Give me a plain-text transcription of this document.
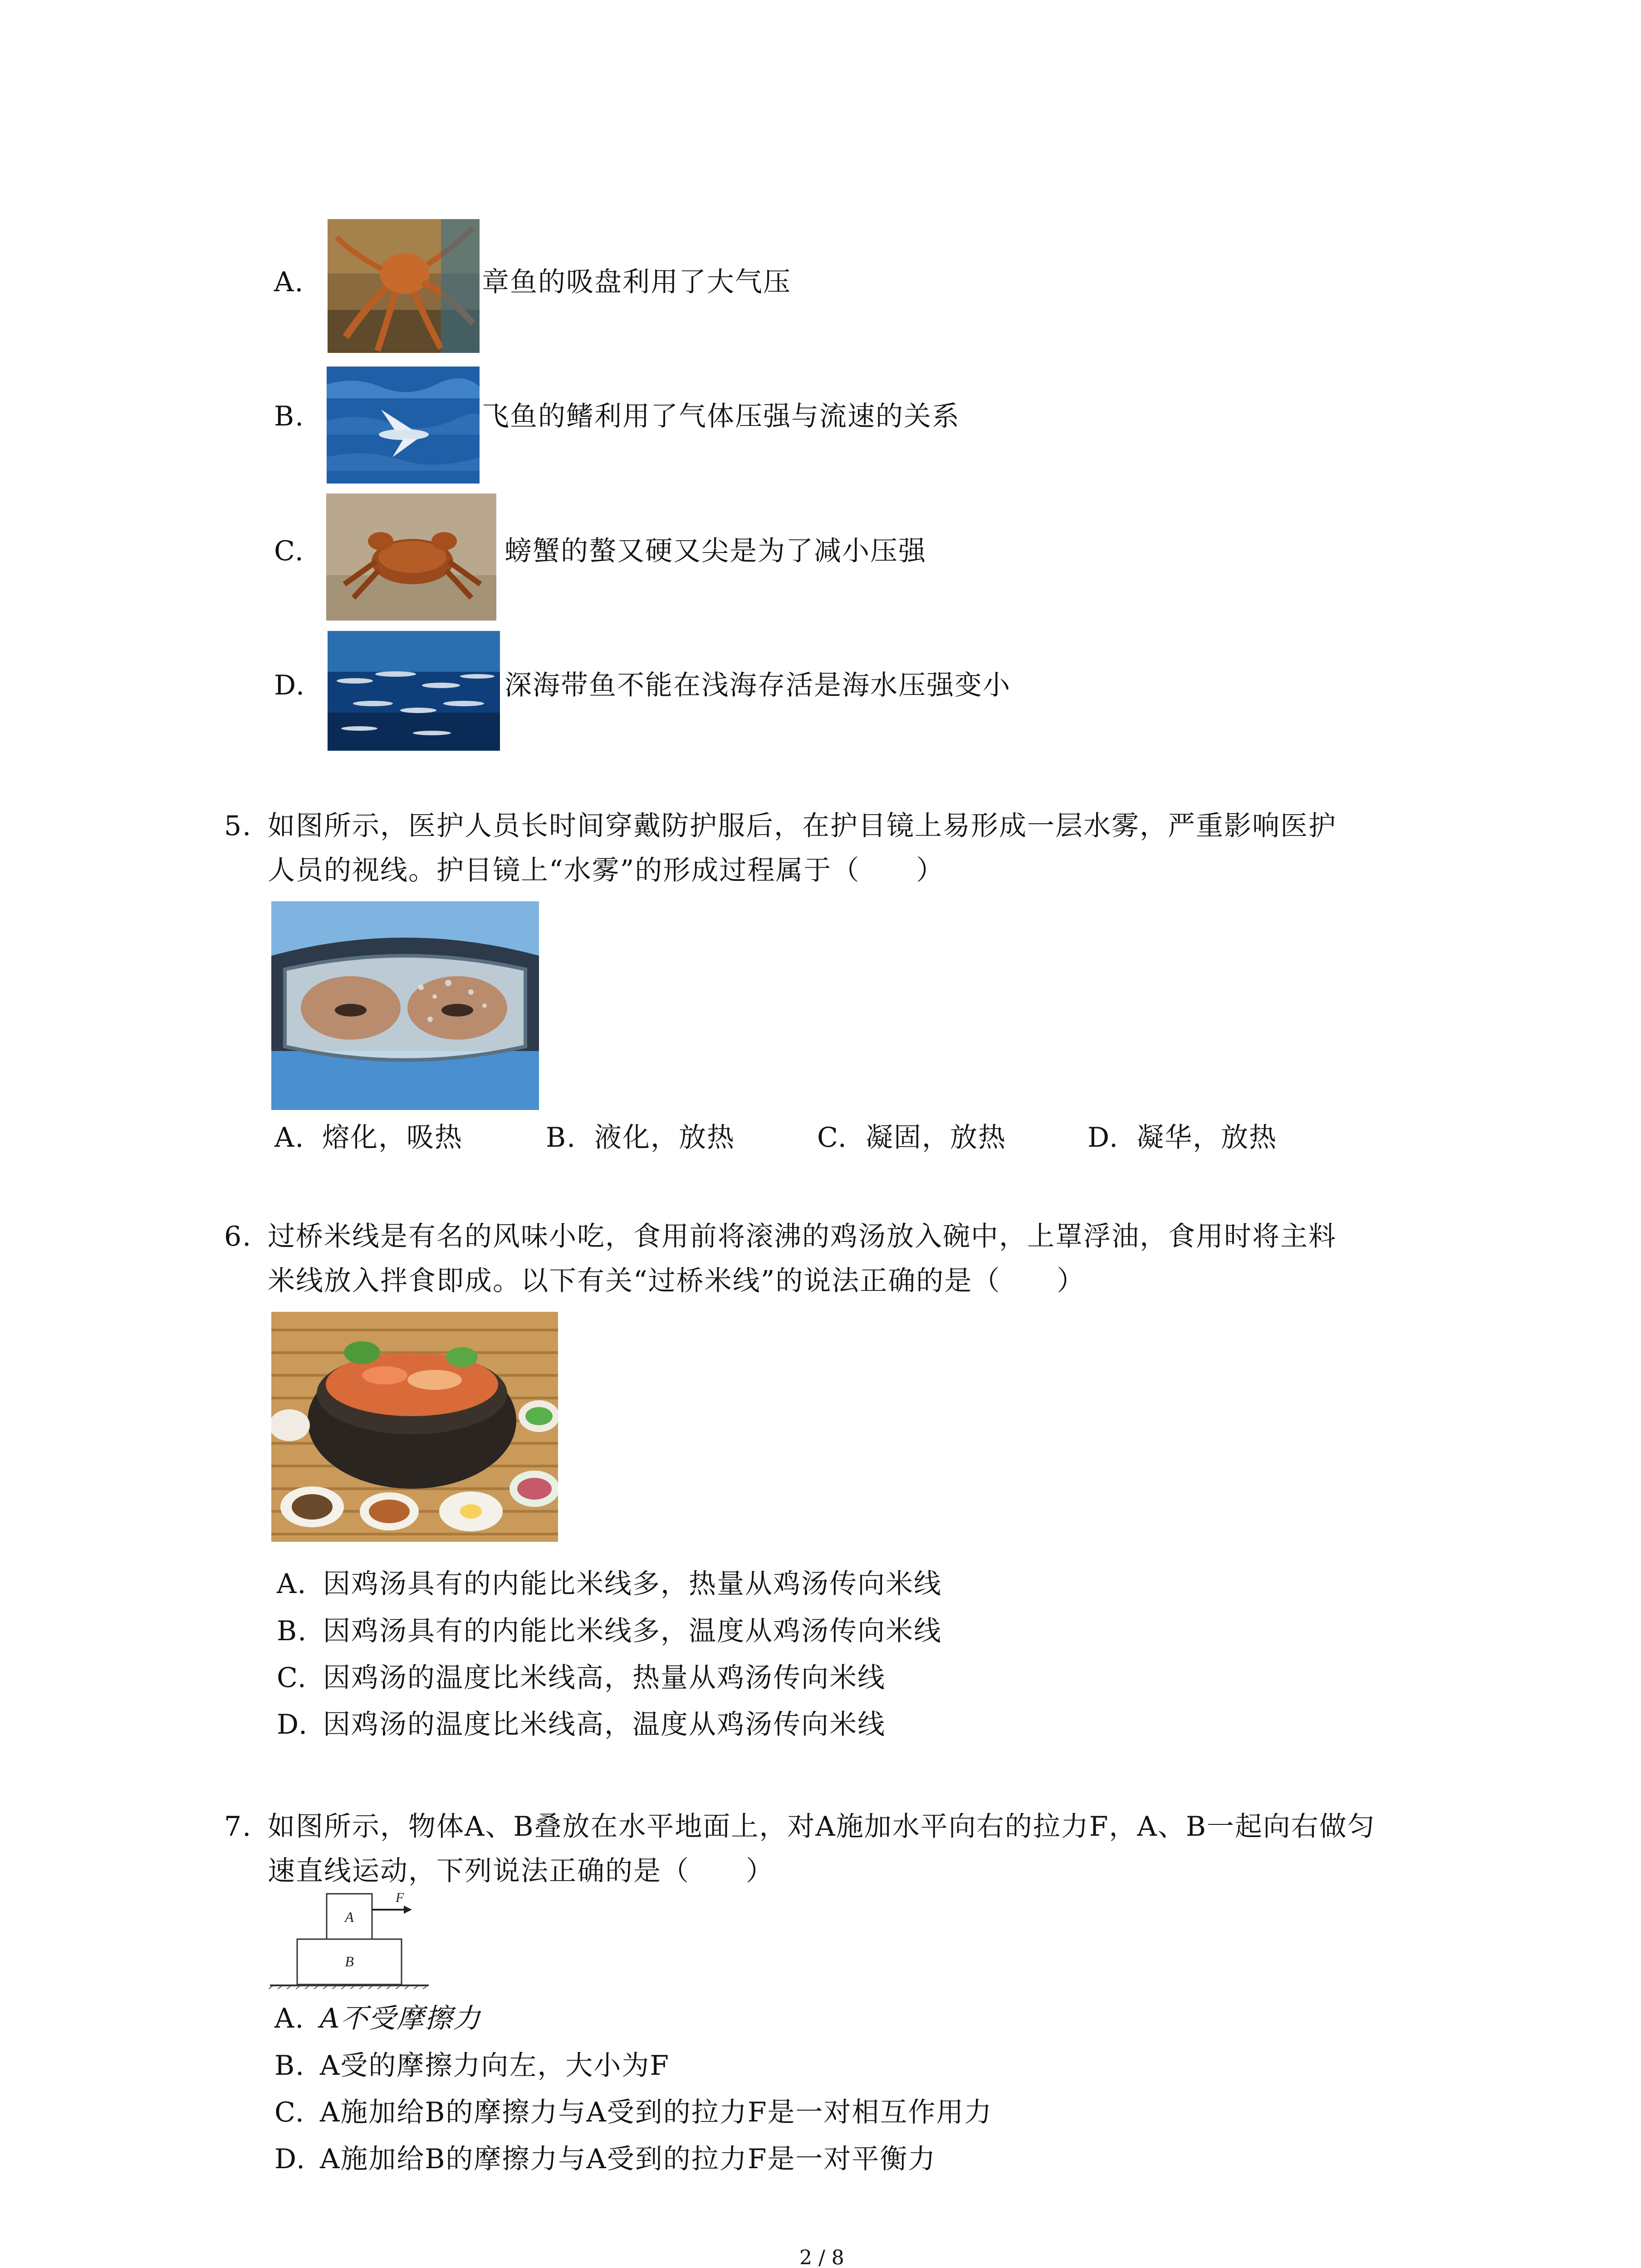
A.	章鱼的吸盘利用了大气压
B.	飞鱼的鳍利用了气体压强与流速的关系
C.	螃蟹的螯又硬又尖是为了减小压强
D.	深海带鱼不能在浅海存活是海水压强变小
5. 如图所示，医护人员长时间穿戴防护服后，在护目镜上易形成一层水雾，严重影响医护
人员的视线。护目镜上“水雾”的形成过程属于（　　）
A. 熔化，吸热	B. 液化，放热	C. 凝固，放热	D. 凝华，放热
6. 过桥米线是有名的风味小吃，食用前将滚沸的鸡汤放入碗中，上罩浮油，食用时将主料
米线放入拌食即成。以下有关“过桥米线”的说法正确的是（　　）
A. 因鸡汤具有的内能比米线多，热量从鸡汤传向米线
B. 因鸡汤具有的内能比米线多，温度从鸡汤传向米线
C. 因鸡汤的温度比米线高，热量从鸡汤传向米线
D. 因鸡汤的温度比米线高，温度从鸡汤传向米线
7. 如图所示，物体A、B叠放在水平地面上，对A施加水平向右的拉力F，A、B一起向右做匀
速直线运动，下列说法正确的是（　　）
A
B
F
A. A不受摩擦力
B. A受的摩擦力向左，大小为F
C. A施加给B的摩擦力与A受到的拉力F是一对相互作用力
D. A施加给B的摩擦力与A受到的拉力F是一对平衡力
2 / 8
